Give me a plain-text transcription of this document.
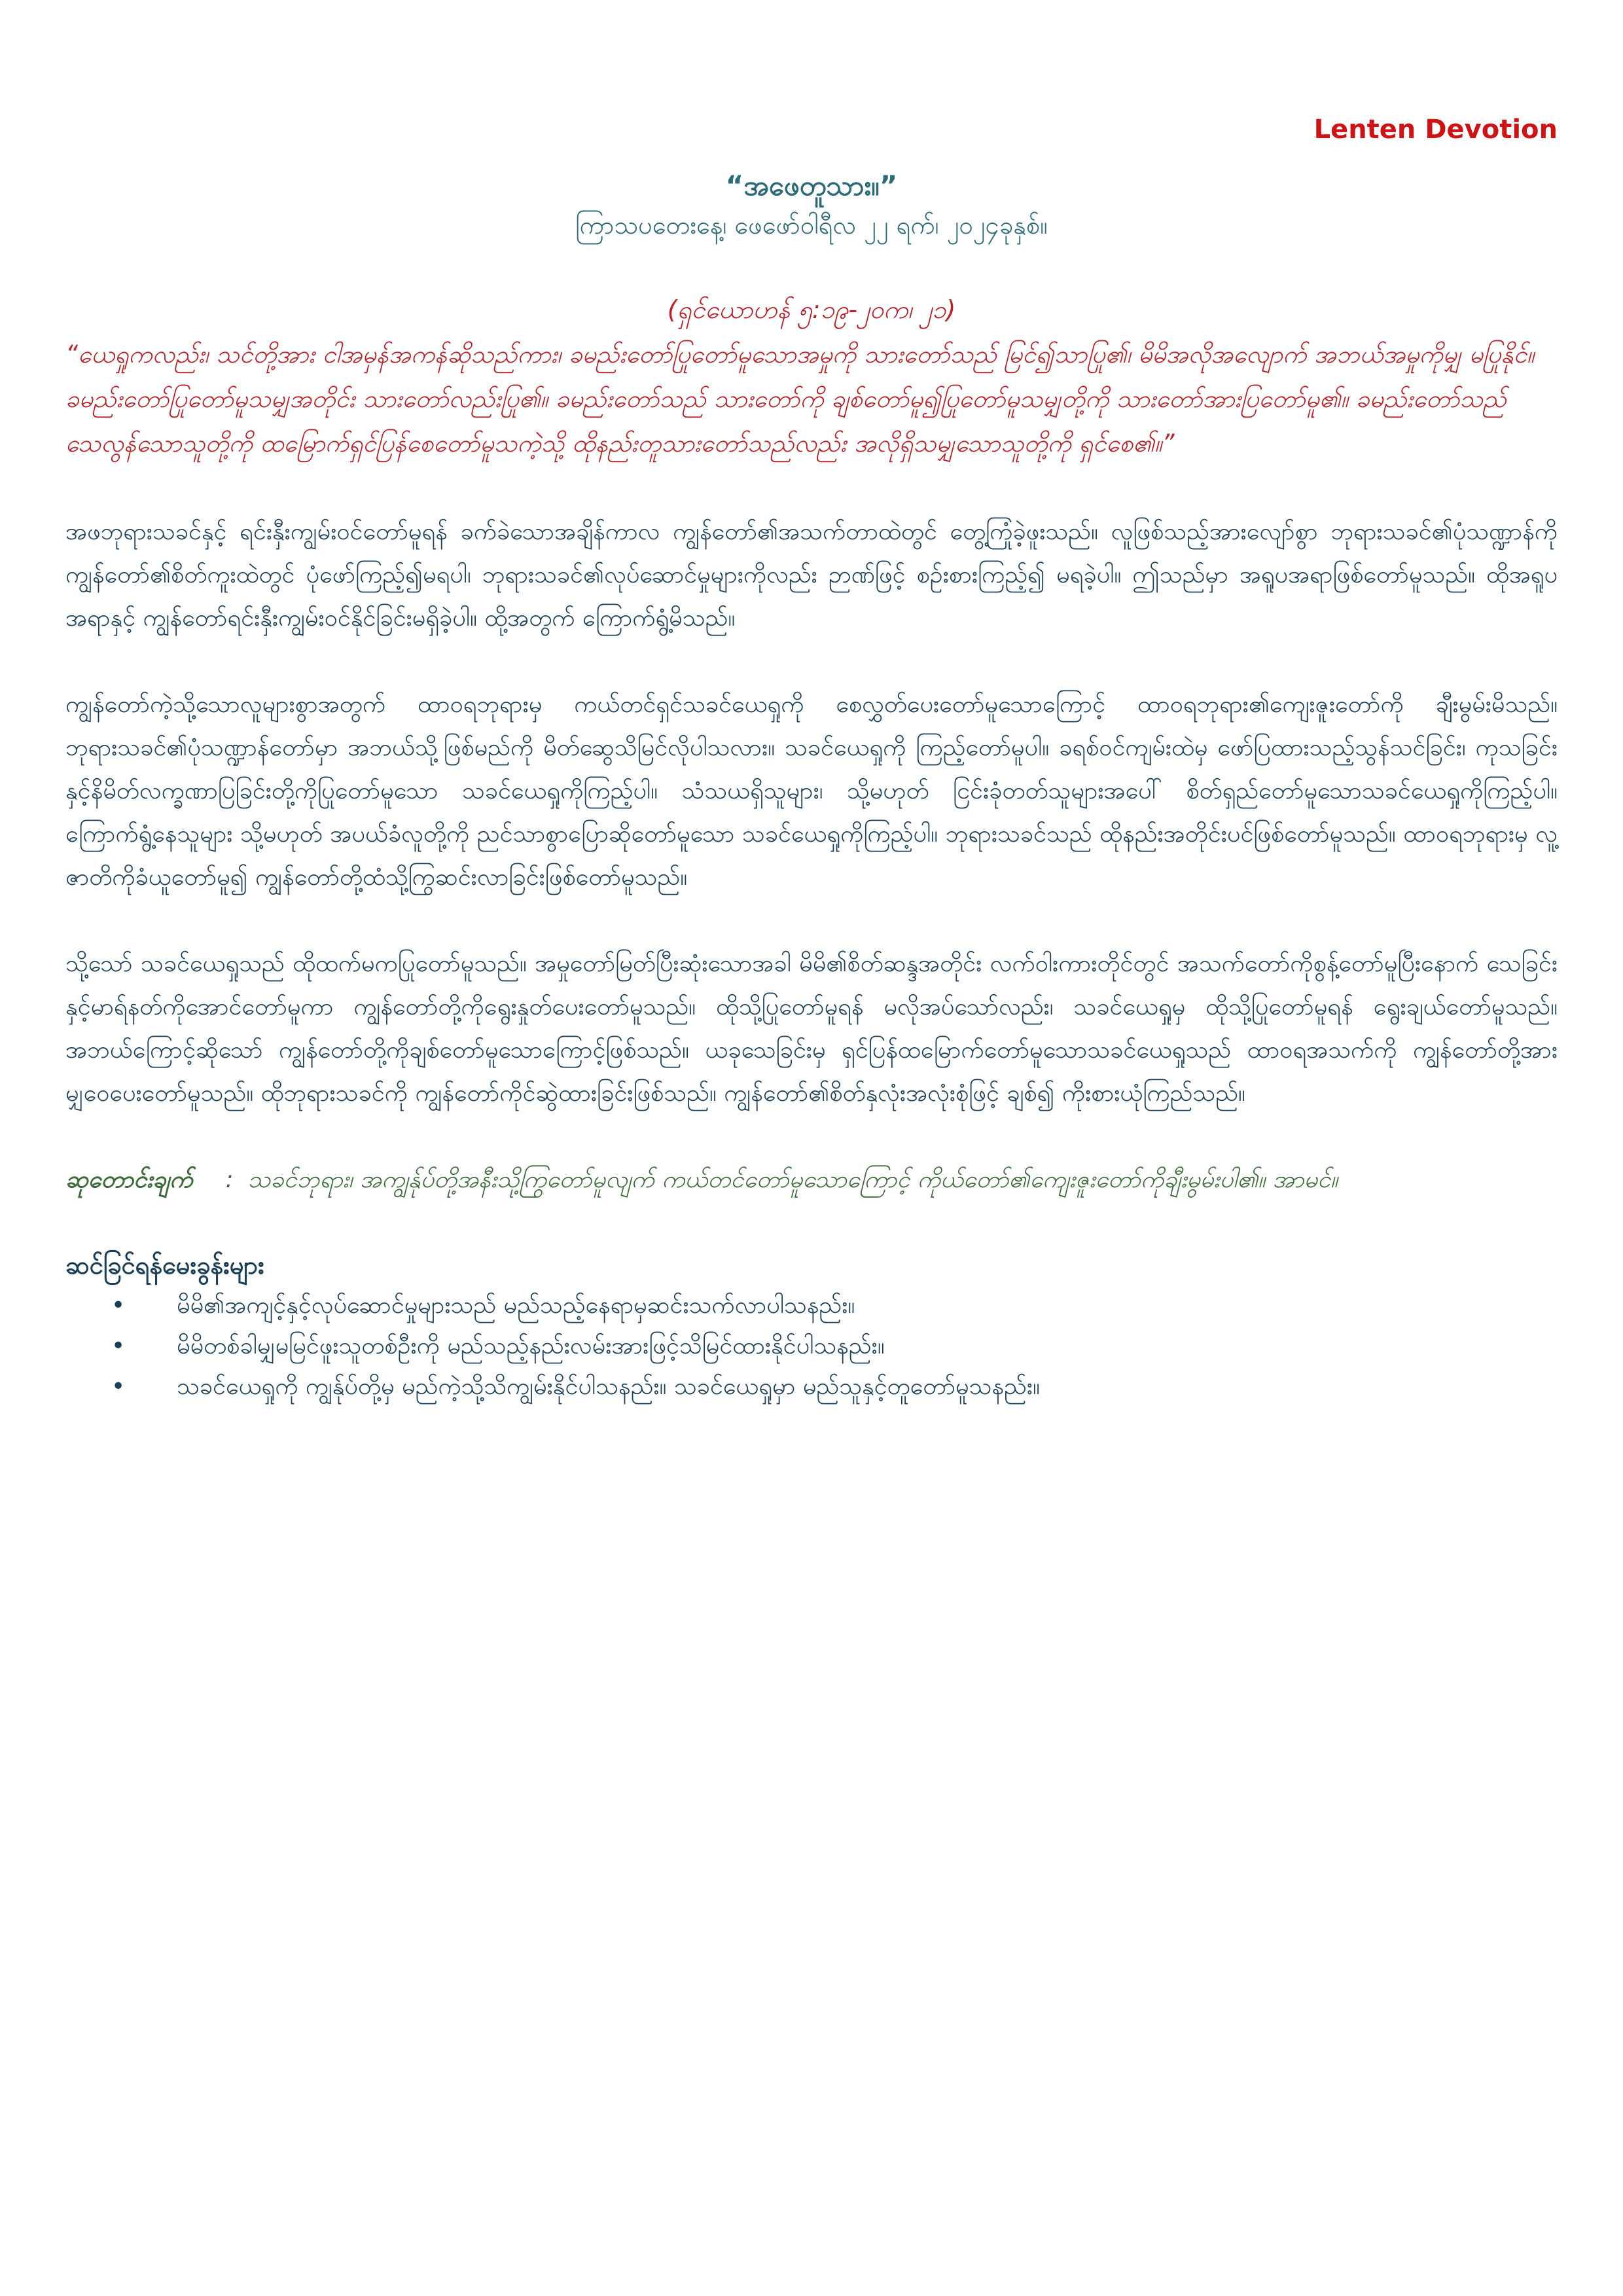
Lenten Devotion
“အဖေတူသား။”
ကြာသပတေးနေ့၊ ဖေဖော်ဝါရီလ ၂၂ ရက်၊ ၂၀၂၄ခုနှစ်။
(ရှင်ယောဟန် ၅:၁၉-၂၀က၊ ၂၁)
“ယေရှုကလည်း၊ သင်တို့အား ငါအမှန်အကန်ဆိုသည်ကား၊ ခမည်းတော်ပြုတော်မူသောအမှုကို သားတော်သည် မြင်၍သာပြု၏၊ မိမိအလိုအလျောက် အဘယ်အမှုကိုမျှ မပြုနိုင်။ ခမည်းတော်ပြုတော်မူသမျှအတိုင်း သားတော်လည်းပြု၏။ ခမည်းတော်သည် သားတော်ကို ချစ်တော်မူ၍ပြုတော်မူသမျှတို့ကို သားတော်အားပြတော်မူ၏။ ခမည်းတော်သည် သေလွန်သောသူတို့ကို ထမြောက်ရှင်ပြန်စေတော်မူသကဲ့သို့ ထိုနည်းတူသားတော်သည်လည်း အလိုရှိသမျှသောသူတို့ကို ရှင်စေ၏။”
အဖဘုရားသခင်နှင့် ရင်းနှီးကျွမ်းဝင်တော်မူရန် ခက်ခဲသောအချိန်ကာလ ကျွန်တော်၏အသက်တာထဲတွင် တွေ့ကြုံခဲ့ဖူးသည်။ လူဖြစ်သည့်အားလျော်စွာ ဘုရားသခင်၏ပုံသဏ္ဍာန်ကို ကျွန်တော်၏စိတ်ကူးထဲတွင် ပုံဖော်ကြည့်၍မရပါ၊ ဘုရားသခင်၏လုပ်ဆောင်မှုများကိုလည်း ဉာဏ်ဖြင့် စဉ်းစားကြည့်၍ မရခဲ့ပါ။ ဤသည်မှာ အရူပအရာဖြစ်တော်မူသည်။ ထိုအရူပအရာနှင့် ကျွန်တော်ရင်းနှီးကျွမ်းဝင်နိုင်ခြင်းမရှိခဲ့ပါ။ ထို့အတွက် ကြောက်ရွံ့မိသည်။
ကျွန်တော်ကဲ့သို့သောလူများစွာအတွက် ထာဝရဘုရားမှ ကယ်တင်ရှင်သခင်ယေရှုကို စေလွှတ်ပေးတော်မူသောကြောင့် ထာဝရဘုရား၏ကျေးဇူးတော်ကို ချီးမွမ်းမိသည်။ ဘုရားသခင်၏ပုံသဏ္ဍာန်တော်မှာ အဘယ်သို့ဖြစ်မည်ကို မိတ်ဆွေသိမြင်လိုပါသလား။ သခင်ယေရှုကို ကြည့်တော်မူပါ။ ခရစ်ဝင်ကျမ်းထဲမှ ဖော်ပြထားသည့်သွန်သင်ခြင်း၊ ကုသခြင်းနှင့်နိမိတ်လက္ခဏာပြခြင်းတို့ကိုပြုတော်မူသော သခင်ယေရှုကိုကြည့်ပါ။ သံသယရှိသူများ၊ သို့မဟုတ် ငြင်းခုံတတ်သူများအပေါ် စိတ်ရှည်တော်မူသောသခင်ယေရှုကိုကြည့်ပါ။ ကြောက်ရွံ့နေသူများ သို့မဟုတ် အပယ်ခံလူတို့ကို ညင်သာစွာပြောဆိုတော်မူသော သခင်ယေရှုကိုကြည့်ပါ။ ဘုရားသခင်သည် ထိုနည်းအတိုင်းပင်ဖြစ်တော်မူသည်။ ထာဝရဘုရားမှ လူ့ဇာတိကိုခံယူတော်မူ၍ ကျွန်တော်တို့ထံသို့ကြွဆင်းလာခြင်းဖြစ်တော်မူသည်။
သို့သော် သခင်ယေရှုသည် ထိုထက်မကပြုတော်မူသည်။ အမှုတော်မြတ်ပြီးဆုံးသောအခါ မိမိ၏စိတ်ဆန္ဒအတိုင်း လက်ဝါးကားတိုင်တွင် အသက်တော်ကိုစွန့်တော်မူပြီးနောက် သေခြင်းနှင့်မာရ်နတ်ကိုအောင်တော်မူကာ ကျွန်တော်တို့ကိုရွေးနှုတ်ပေးတော်မူသည်။ ထိုသို့ပြုတော်မူရန် မလိုအပ်သော်လည်း၊ သခင်ယေရှုမှ ထိုသို့ပြုတော်မူရန် ရွေးချယ်တော်မူသည်။ အဘယ်ကြောင့်ဆိုသော် ကျွန်တော်တို့ကိုချစ်တော်မူသောကြောင့်ဖြစ်သည်။ ယခုသေခြင်းမှ ရှင်ပြန်ထမြောက်တော်မူသောသခင်ယေရှုသည် ထာဝရအသက်ကို ကျွန်တော်တို့အားမျှဝေပေးတော်မူသည်။ ထိုဘုရားသခင်ကို ကျွန်တော်ကိုင်ဆွဲထားခြင်းဖြစ်သည်။ ကျွန်တော်၏စိတ်နှလုံးအလုံးစုံဖြင့် ချစ်၍ ကိုးစားယုံကြည်သည်။
ဆုတောင်းချက် : သခင်ဘုရား၊ အကျွန်ုပ်တို့အနီးသို့ကြွတော်မူလျက် ကယ်တင်တော်မူသောကြောင့် ကိုယ်တော်၏ကျေးဇူးတော်ကိုချီးမွမ်းပါ၏။ အာမင်။
ဆင်ခြင်ရန်မေးခွန်းများ
• မိမိ၏အကျင့်နှင့်လုပ်ဆောင်မှုများသည် မည်သည့်နေရာမှဆင်းသက်လာပါသနည်း။
• မိမိတစ်ခါမျှမမြင်ဖူးသူတစ်ဦးကို မည်သည့်နည်းလမ်းအားဖြင့်သိမြင်ထားနိုင်ပါသနည်း။
• သခင်ယေရှုကို ကျွန်ုပ်တို့မှ မည်ကဲ့သို့သိကျွမ်းနိုင်ပါသနည်း။ သခင်ယေရှုမှာ မည်သူနှင့်တူတော်မူသနည်း။
